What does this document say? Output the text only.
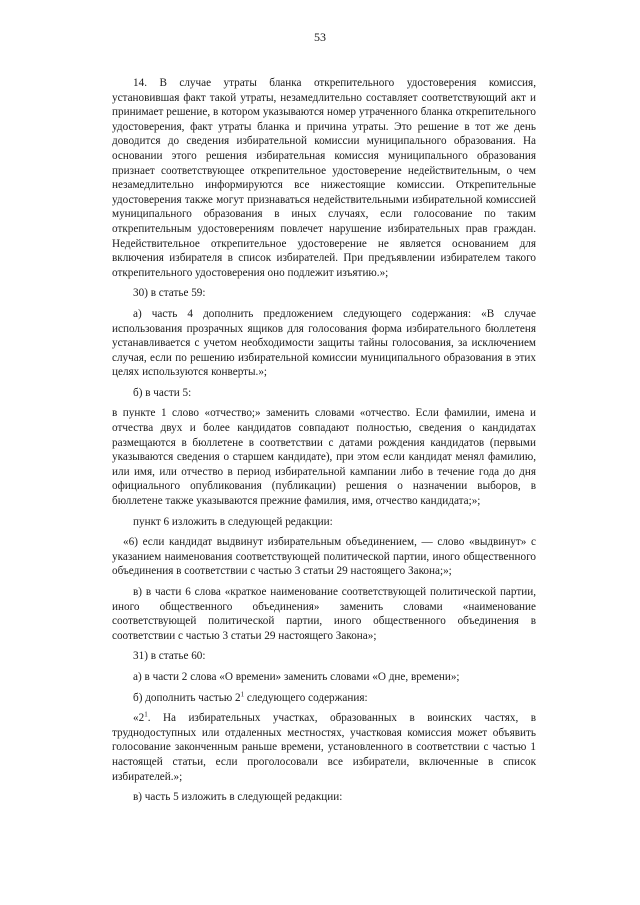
53

14. В случае утраты бланка открепительного удостоверения комиссия, установившая факт такой утраты, незамедлительно составляет соответствующий акт и принимает решение, в котором указываются номер утраченного бланка открепительного удостоверения, факт утраты бланка и причина утраты. Это решение в тот же день доводится до сведения избирательной комиссии муниципального образования. На основании этого решения избирательная комиссия муниципального образования признает соответствующее открепительное удостоверение недействительным, о чем незамедлительно информируются все нижестоящие комиссии. Открепительные удостоверения также могут признаваться недействительными избирательной комиссией муниципального образования в иных случаях, если голосование по таким открепительным удостоверениям повлечет нарушение избирательных прав граждан. Недействительное открепительное удостоверение не является основанием для включения избирателя в список избирателей. При предъявлении избирателем такого открепительного удостоверения оно подлежит изъятию.»;

30) в статье 59:

а) часть 4 дополнить предложением следующего содержания: «В случае использования прозрачных ящиков для голосования форма избирательного бюллетеня устанавливается с учетом необходимости защиты тайны голосования, за исключением случая, если по решению избирательной комиссии муниципального образования в этих целях используются конверты.»;

б) в части 5:

в пункте 1 слово «отчество;» заменить словами «отчество. Если фамилии, имена и отчества двух и более кандидатов совпадают полностью, сведения о кандидатах размещаются в бюллетене в соответствии с датами рождения кандидатов (первыми указываются сведения о старшем кандидате), при этом если кандидат менял фамилию, или имя, или отчество в период избирательной кампании либо в течение года до дня официального опубликования (публикации) решения о назначении выборов, в бюллетене также указываются прежние фамилия, имя, отчество кандидата;»;

пункт 6 изложить в следующей редакции:

«6) если кандидат выдвинут избирательным объединением, — слово «выдвинут» с указанием наименования соответствующей политической партии, иного общественного объединения в соответствии с частью 3 статьи 29 настоящего Закона;»;

в) в части 6 слова «краткое наименование соответствующей политической партии, иного общественного объединения» заменить словами «наименование соответствующей политической партии, иного общественного объединения в соответствии с частью 3 статьи 29 настоящего Закона»;

31) в статье 60:

а) в части 2 слова «О времени» заменить словами «О дне, времени»;

б) дополнить частью $2^1$ следующего содержания:

«$2^1$. На избирательных участках, образованных в воинских частях, в труднодоступных или отдаленных местностях, участковая комиссия может объявить голосование законченным раньше времени, установленного в соответствии с частью 1 настоящей статьи, если проголосовали все избиратели, включенные в список избирателей.»;

в) часть 5 изложить в следующей редакции:
